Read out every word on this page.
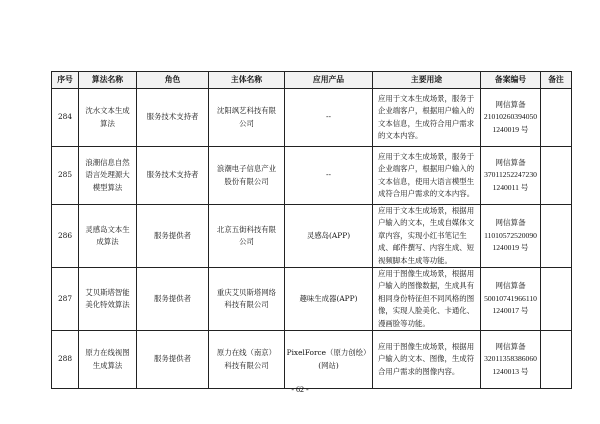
序号	算法名称	角色	主体名称	应用产品	主要用途	备案编号	备注
284	沈水文本生成算法	服务技术支持者	沈阳飒艺科技有限公司	--	应用于文本生成场景，服务于企业端客户，根据用户输入的文本信息，生成符合用户需求的文本内容。	网信算备21010260394050 1240019 号	
285	浪潮信息自然语言处理源大模型算法	服务技术支持者	浪潮电子信息产业股份有限公司	--	应用于文本生成场景，服务于企业端客户，根据用户输入的文本信息，使用大语言模型生成符合用户需求的文本内容。	网信算备37011252247230 1240011 号	
286	灵感岛文本生成算法	服务提供者	北京五街科技有限公司	灵感岛(APP)	应用于文本生成场景，根据用户输入的文本，生成自媒体文章内容，实现小红书笔记生成、邮件撰写、内容生成、短视频脚本生成等功能。	网信算备11010572520090 1240019 号	
287	艾贝斯塔智能美化特效算法	服务提供者	重庆艾贝斯塔网络科技有限公司	趣味生成器(APP)	应用于图像生成场景，根据用户输入的图像数据，生成具有相同身份特征但不同风格的图像，实现人脸美化、卡通化、漫画脸等功能。	网信算备50010741966110 1240017 号	
288	原力在线视图生成算法	服务提供者	原力在线（南京）科技有限公司	PixelForce（原力创绘）(网站)	应用于图像生成场景，根据用户输入的文本、图像，生成符合用户需求的图像内容。	网信算备32011358386060 1240013 号	
- 62 -
